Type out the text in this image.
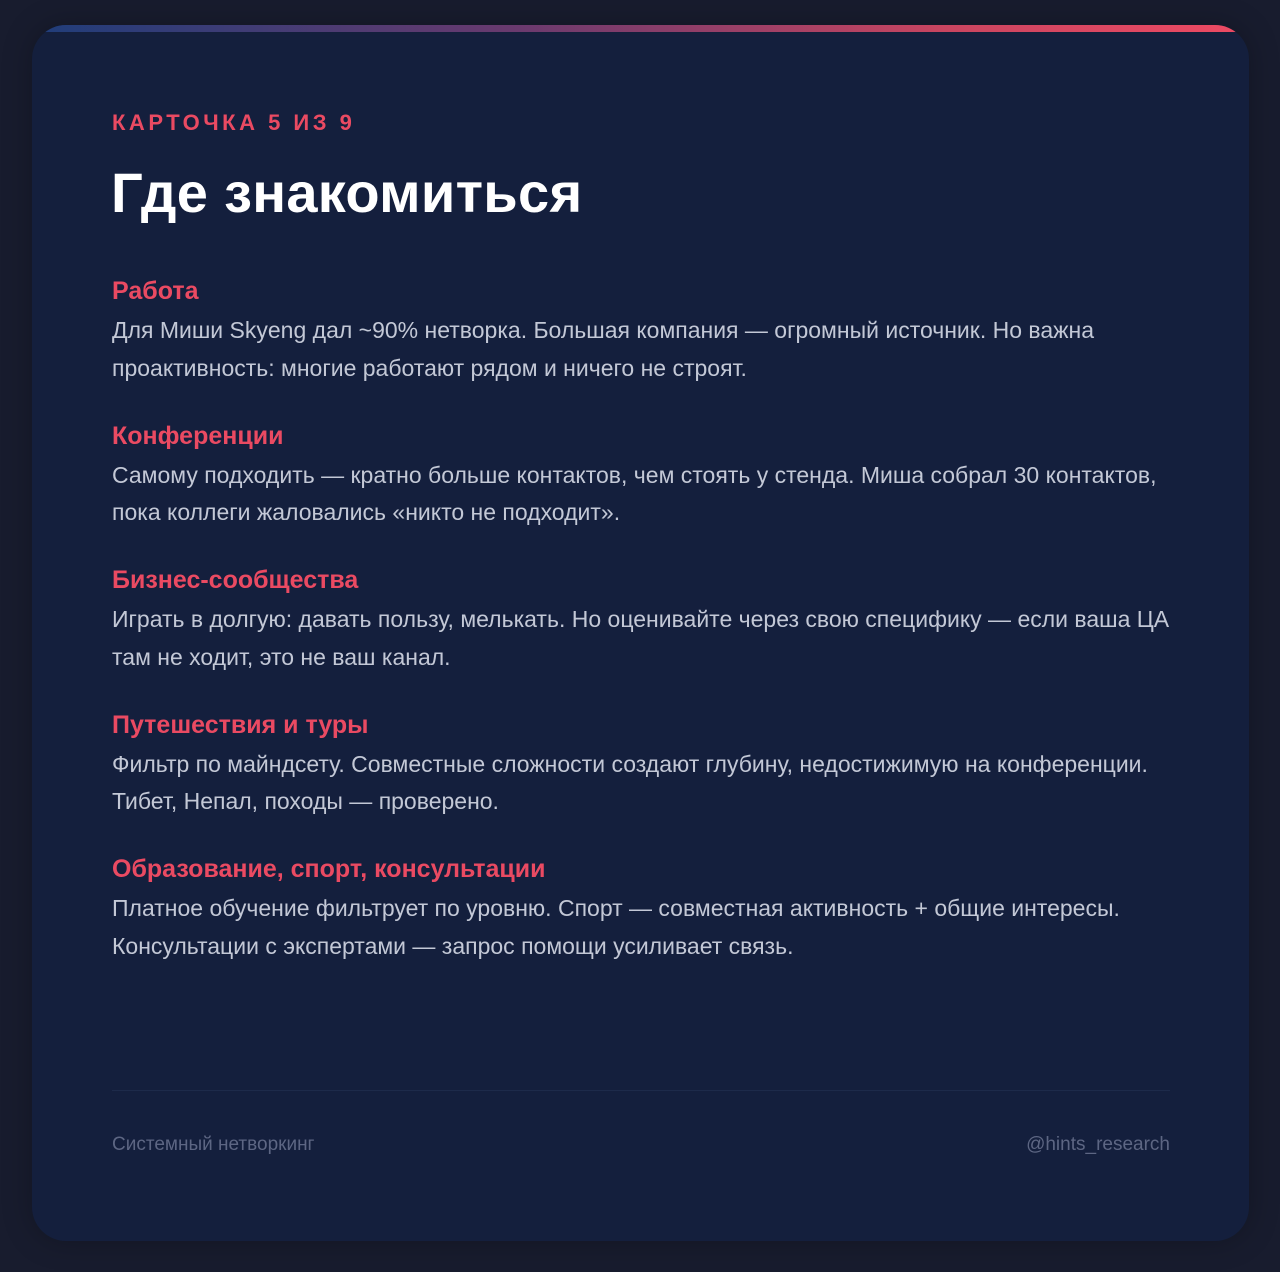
КАРТОЧКА 5 ИЗ 9

Где знакомиться
Работа

Для Миши Skyeng дал ~90% нетворка. Большая компания — огромный источник. Но важна проактивность: многие работают рядом и ничего не строят.

Конференции

Самому подходить — кратно больше контактов, чем стоять у стенда. Миша собрал 30 контактов, пока коллеги жаловались «никто не подходит».

Бизнес-сообщества

Играть в долгую: давать пользу, мелькать. Но оценивайте через свою специфику — если ваша ЦА там не ходит, это не ваш канал.

Путешествия и туры

Фильтр по майндсету. Совместные сложности создают глубину, недостижимую на конференции. Тибет, Непал, походы — проверено.

Образование, спорт, консультации

Платное обучение фильтрует по уровню. Спорт — совместная активность + общие интересы. Консультации с экспертами — запрос помощи усиливает связь.

Системный нетворкинг	@hints_research
